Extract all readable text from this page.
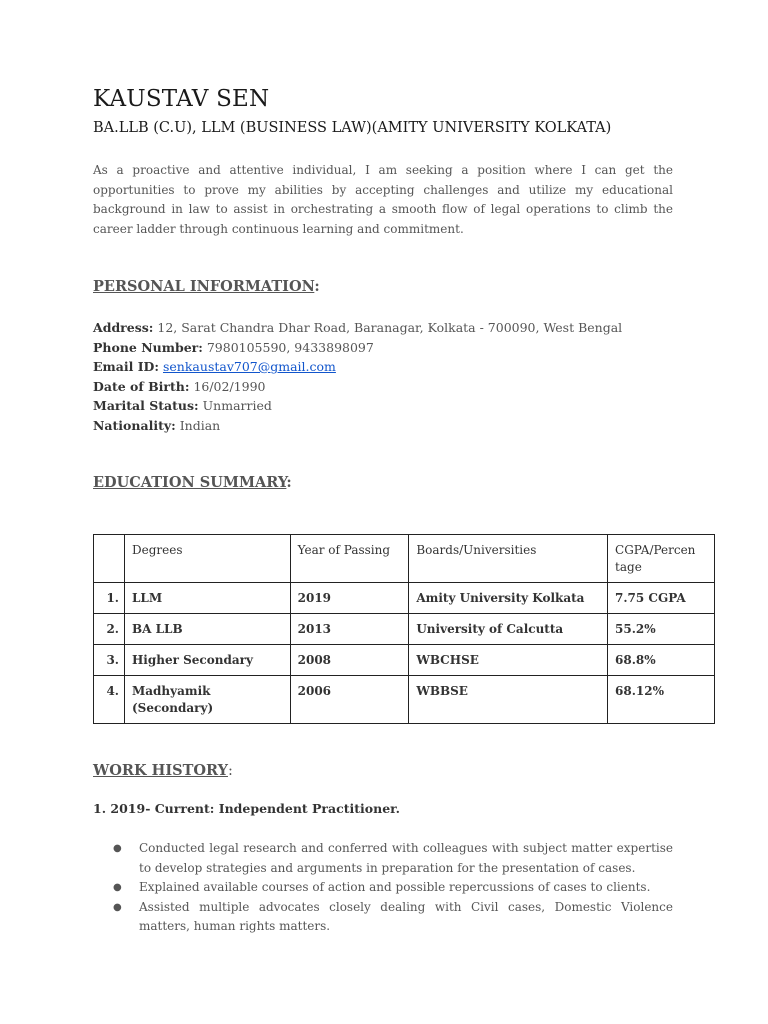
KAUSTAV SEN
BA.LLB (C.U), LLM (BUSINESS LAW)(AMITY UNIVERSITY KOLKATA)
As a proactive and attentive individual, I am seeking a position where I can get the opportunities to prove my abilities by accepting challenges and utilize my educational background in law to assist in orchestrating a smooth flow of legal operations to climb the career ladder through continuous learning and commitment.
PERSONAL INFORMATION:
Address: 12, Sarat Chandra Dhar Road, Baranagar, Kolkata - 700090, West Bengal
Phone Number: 7980105590, 9433898097
Email ID: senkaustav707@gmail.com
Date of Birth: 16/02/1990
Marital Status: Unmarried
Nationality: Indian
EDUCATION SUMMARY:
	Degrees	Year of Passing	Boards/Universities	CGPA/Percen
tage
1.	LLM	2019	Amity University Kolkata	7.75 CGPA
2.	BA LLB	2013	University of Calcutta	55.2%
3.	Higher Secondary	2008	WBCHSE	68.8%
4.	Madhyamik (Secondary)	2006	WBBSE	68.12%
WORK HISTORY:
1. 2019- Current: Independent Practitioner.
● Conducted legal research and conferred with colleagues with subject matter expertise to develop strategies and arguments in preparation for the presentation of cases.
● Explained available courses of action and possible repercussions of cases to clients.
● Assisted multiple advocates closely dealing with Civil cases, Domestic Violence matters, human rights matters.
